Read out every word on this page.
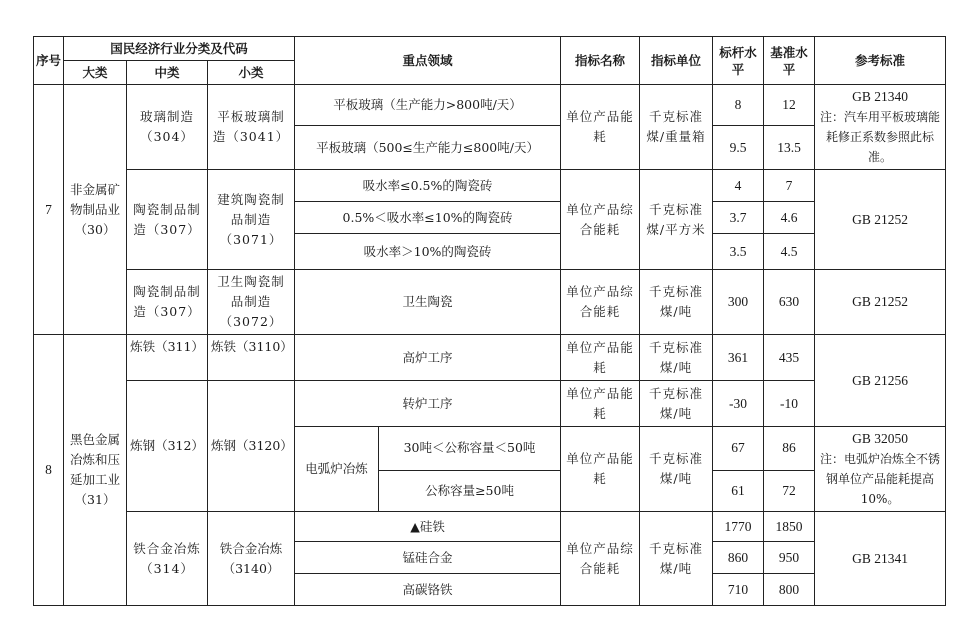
序号	国民经济行业分类及代码			重点领域		指标名称	指标单位	标杆水平	基准水平	参考标准
	大类	中类	小类							
7	非金属矿物制品业（30）	玻璃制造（304）	平板玻璃制造（3041）	平板玻璃（生产能力>800吨/天）		单位产品能耗	千克标准煤/重量箱	8	12	GB 21340
注：汽车用平板玻璃能耗修正系数参照此标准。

				平板玻璃（500≤生产能力≤800吨/天）				9.5	13.5	
		陶瓷制品制造（307）	建筑陶瓷制品制造（3071）	吸水率≤0.5%的陶瓷砖		单位产品综合能耗	千克标准煤/平方米	4	7	GB 21252
				0.5%＜吸水率≤10%的陶瓷砖				3.7	4.6	
				吸水率＞10%的陶瓷砖				3.5	4.5	
		陶瓷制品制造（307）	卫生陶瓷制品制造（3072）	卫生陶瓷		单位产品综合能耗	千克标准煤/吨	300	630	GB 21252
8	黑色金属冶炼和压延加工业（31）	炼铁（311）	炼铁（3110）	高炉工序		单位产品能耗	千克标准煤/吨	361	435	GB 21256
		炼钢（312）	炼钢（3120）	转炉工序		单位产品能耗	千克标准煤/吨	-30	-10	
				电弧炉冶炼	30吨＜公称容量＜50吨	单位产品能耗	千克标准煤/吨	67	86	GB 32050
注：电弧炉冶炼全不锈钢单位产品能耗提高10%。

					公称容量≥50吨			61	72	
		铁合金冶炼（314）	铁合金冶炼（3140）	▲硅铁		单位产品综合能耗	千克标准煤/吨	1770	1850	GB 21341
				锰硅合金				860	950	
				高碳铬铁				710	800	
